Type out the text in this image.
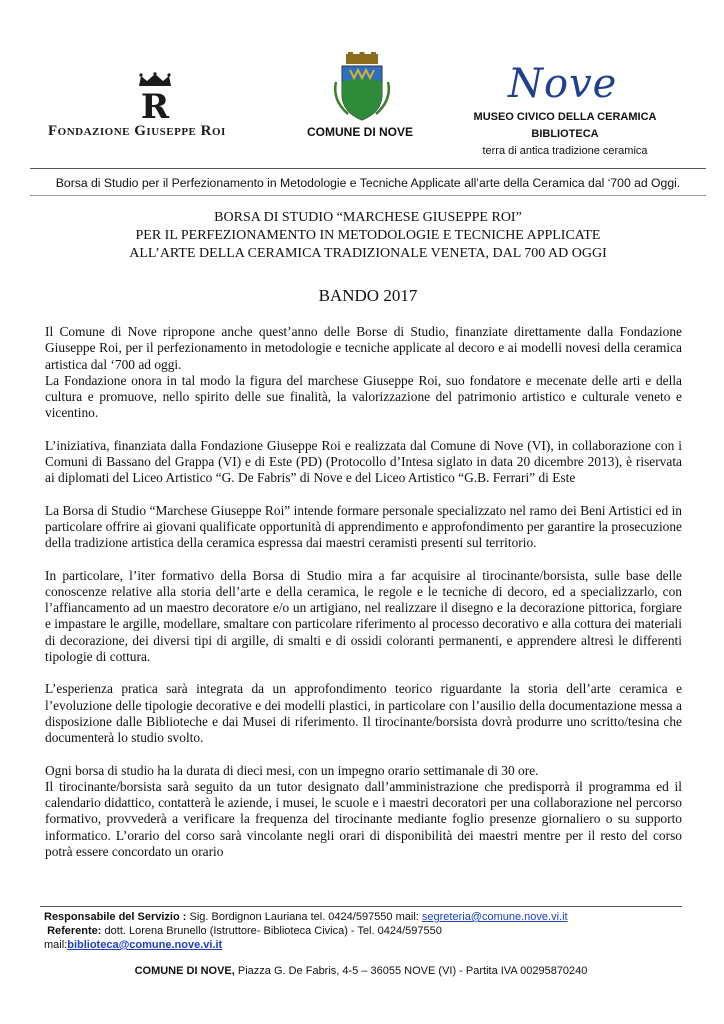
R
Fondazione Giuseppe Roi	COMUNE DI NOVE
Nove
MUSEO CIVICO DELLA CERAMICA
BIBLIOTECA
terra di antica tradizione ceramica
Borsa di Studio per il Perfezionamento in Metodologie e Tecniche Applicate all’arte della Ceramica dal ‘700 ad Oggi.
BORSA DI STUDIO “MARCHESE GIUSEPPE ROI”
PER IL PERFEZIONAMENTO IN METODOLOGIE E TECNICHE APPLICATE
ALL’ARTE DELLA CERAMICA TRADIZIONALE VENETA, DAL 700 AD OGGI
BANDO 2017

Il Comune di Nove ripropone anche quest’anno delle Borse di Studio, finanziate direttamente dalla Fondazione Giuseppe Roi, per il perfezionamento in metodologie e tecniche applicate al decoro e ai modelli novesi della ceramica artistica dal ‘700 ad oggi.

La Fondazione onora in tal modo la figura del marchese Giuseppe Roi, suo fondatore e mecenate delle arti e della cultura e promuove, nello spirito delle sue finalità, la valorizzazione del patrimonio artistico e culturale veneto e vicentino.

L’iniziativa, finanziata dalla Fondazione Giuseppe Roi e realizzata dal Comune di Nove (VI), in collaborazione con i Comuni di Bassano del Grappa (VI) e di Este (PD) (Protocollo d’Intesa siglato in data 20 dicembre 2013), è riservata ai diplomati del Liceo Artistico “G. De Fabris” di Nove e del Liceo Artistico “G.B. Ferrari” di Este

La Borsa di Studio “Marchese Giuseppe Roi” intende formare personale specializzato nel ramo dei Beni Artistici ed in particolare offrire ai giovani qualificate opportunità di apprendimento e approfondimento per garantire la prosecuzione della tradizione artistica della ceramica espressa dai maestri ceramisti presenti sul territorio.

In particolare, l’iter formativo della Borsa di Studio mira a far acquisire al tirocinante/borsista, sulle base delle conoscenze relative alla storia dell’arte e della ceramica, le regole e le tecniche di decoro, ed a specializzarlo, con l’affiancamento ad un maestro decoratore e/o un artigiano, nel realizzare il disegno e la decorazione pittorica, forgiare e impastare le argille, modellare, smaltare con particolare riferimento al processo decorativo e alla cottura dei materiali di decorazione, dei diversi tipi di argille, di smalti e di ossidi coloranti permanenti, e apprendere altresì le differenti tipologie di cottura.

L’esperienza pratica sarà integrata da un approfondimento teorico riguardante la storia dell’arte ceramica e l’evoluzione delle tipologie decorative e dei modelli plastici, in particolare con l’ausilio della documentazione messa a disposizione dalle Biblioteche e dai Musei di riferimento. Il tirocinante/borsista dovrà produrre uno scritto/tesina che documenterà lo studio svolto.

Ogni borsa di studio ha la durata di dieci mesi, con un impegno orario settimanale di 30 ore.

Il tirocinante/borsista sarà seguito da un tutor designato dall’amministrazione che predisporrà il programma ed il calendario didattico, contatterà le aziende, i musei, le scuole e i maestri decoratori per una collaborazione nel percorso formativo, provvederà a verificare la frequenza del tirocinante mediante foglio presenze giornaliero o su supporto informatico. L’orario del corso sarà vincolante negli orari di disponibilità dei maestri mentre per il resto del corso potrà essere concordato un orario

Responsabile del Servizio : Sig. Bordignon Lauriana tel. 0424/597550 mail: segreteria@comune.nove.vi.it
Referente: dott. Lorena Brunello (Istruttore- Biblioteca Civica) - Tel. 0424/597550
mail:biblioteca@comune.nove.vi.it
COMUNE DI NOVE, Piazza G. De Fabris, 4-5 – 36055 NOVE (VI) - Partita IVA 00295870240
